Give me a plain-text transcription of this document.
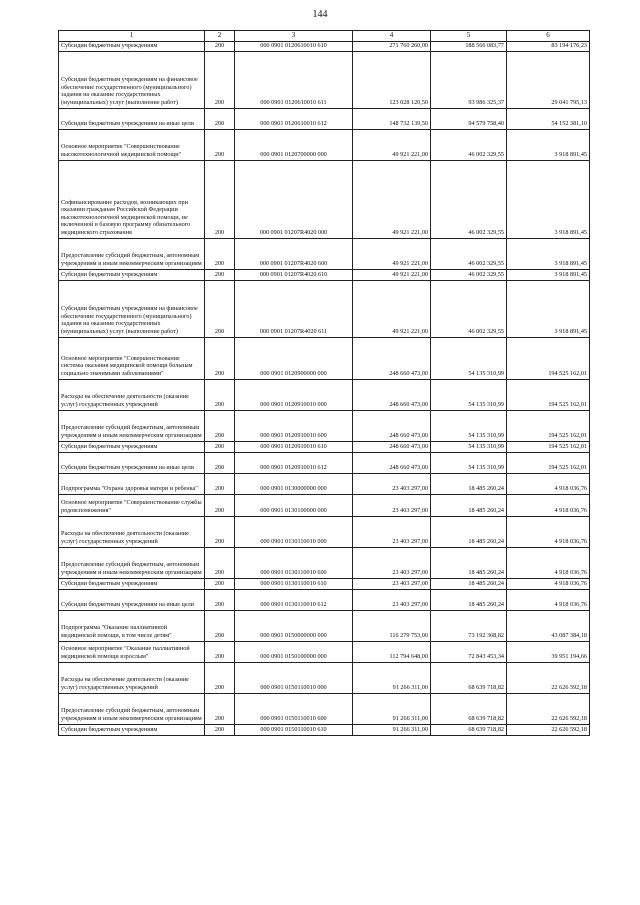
144
1	2	3	4	5	6
Субсидии бюджетным учреждениям	200	000 0901 0120610010 610	271 760 260,00	188 566 083,77	83 194 176,23
Субсидии бюджетным учреждениям на финансовое обеспечение государственного (муниципального) задания на оказание государственных (муниципальных) услуг (выполнение работ)	200	000 0901 0120610010 611	123 028 120,50	93 986 325,37	29 041 795,13
Субсидии бюджетным учреждениям на иные цели	200	000 0901 0120610010 612	148 732 139,50	94 579 758,40	54 152 381,10
Основное мероприятие "Совершенствование высокотехнологичной медицинской помощи"	200	000 0901 0120700000 000	49 921 221,00	46 002 329,55	3 918 891,45
Софинансирование расходов, возникающих при оказании гражданам Российской Федерации высокотехнологичной медицинской помощи, не включенной в базовую программу обязательного медицинского страхования	200	000 0901 01207R4020 000	49 921 221,00	46 002 329,55	3 918 891,45
Предоставление субсидий бюджетным, автономным учреждениям и иным некоммерческим организациям	200	000 0901 01207R4020 600	49 921 221,00	46 002 329,55	3 918 891,45
Субсидии бюджетным учреждениям	200	000 0901 01207R4020 610	49 921 221,00	46 002 329,55	3 918 891,45
Субсидии бюджетным учреждениям на финансовое обеспечение государственного (муниципального) задания на оказание государственных (муниципальных) услуг (выполнение работ)	200	000 0901 01207R4020 611	49 921 221,00	46 002 329,55	3 918 891,45
Основное мероприятие "Совершенствование системы оказания медицинской помощи больным социально значимыми заболеваниями"	200	000 0901 0120900000 000	248 660 473,00	54 135 310,99	194 525 162,01
Расходы на обеспечение деятельности (оказание услуг) государственных учреждений	200	000 0901 0120910010 000	248 660 473,00	54 135 310,99	194 525 162,01
Предоставление субсидий бюджетным, автономным учреждениям и иным некоммерческим организациям	200	000 0901 0120910010 600	248 660 473,00	54 135 310,99	194 525 162,01
Субсидии бюджетным учреждениям	200	000 0901 0120910010 610	248 660 473,00	54 135 310,99	194 525 162,01
Субсидии бюджетным учреждениям на иные цели	200	000 0901 0120910010 612	248 660 473,00	54 135 310,99	194 525 162,01
Подпрограмма "Охрана здоровья матери и ребенка"	200	000 0901 0130000000 000	23 403 297,00	18 485 260,24	4 918 036,76
Основное мероприятие "Совершенствование службы родовспоможения"	200	000 0901 0130100000 000	23 403 297,00	18 485 260,24	4 918 036,76
Расходы на обеспечение деятельности (оказание услуг) государственных учреждений	200	000 0901 0130110010 000	23 403 297,00	18 485 260,24	4 918 036,76
Предоставление субсидий бюджетным, автономным учреждениям и иным некоммерческим организациям	200	000 0901 0130110010 600	23 403 297,00	18 485 260,24	4 918 036,76
Субсидии бюджетным учреждениям	200	000 0901 0130110010 610	23 403 297,00	18 485 260,24	4 918 036,76
Субсидии бюджетным учреждениям на иные цели	200	000 0901 0130110010 612	23 403 297,00	18 485 260,24	4 918 036,76
Подпрограмма "Оказание паллиативной медицинской помощи, в том числе детям"	200	000 0901 0150000000 000	116 279 753,00	73 192 368,82	43 087 384,18
Основное мероприятие "Оказание паллиативной медицинской помощи взрослым"	200	000 0901 0150100000 000	112 794 648,00	72 843 453,34	39 951 194,66
Расходы на обеспечение деятельности (оказание услуг) государственных учреждений	200	000 0901 0150110010 000	91 266 311,00	68 639 718,82	22 626 592,18
Предоставление субсидий бюджетным, автономным учреждениям и иным некоммерческим организациям	200	000 0901 0150110010 600	91 266 311,00	68 639 718,82	22 626 592,18
Субсидии бюджетным учреждениям	200	000 0901 0150110010 610	91 266 311,00	68 639 718,82	22 626 592,18
